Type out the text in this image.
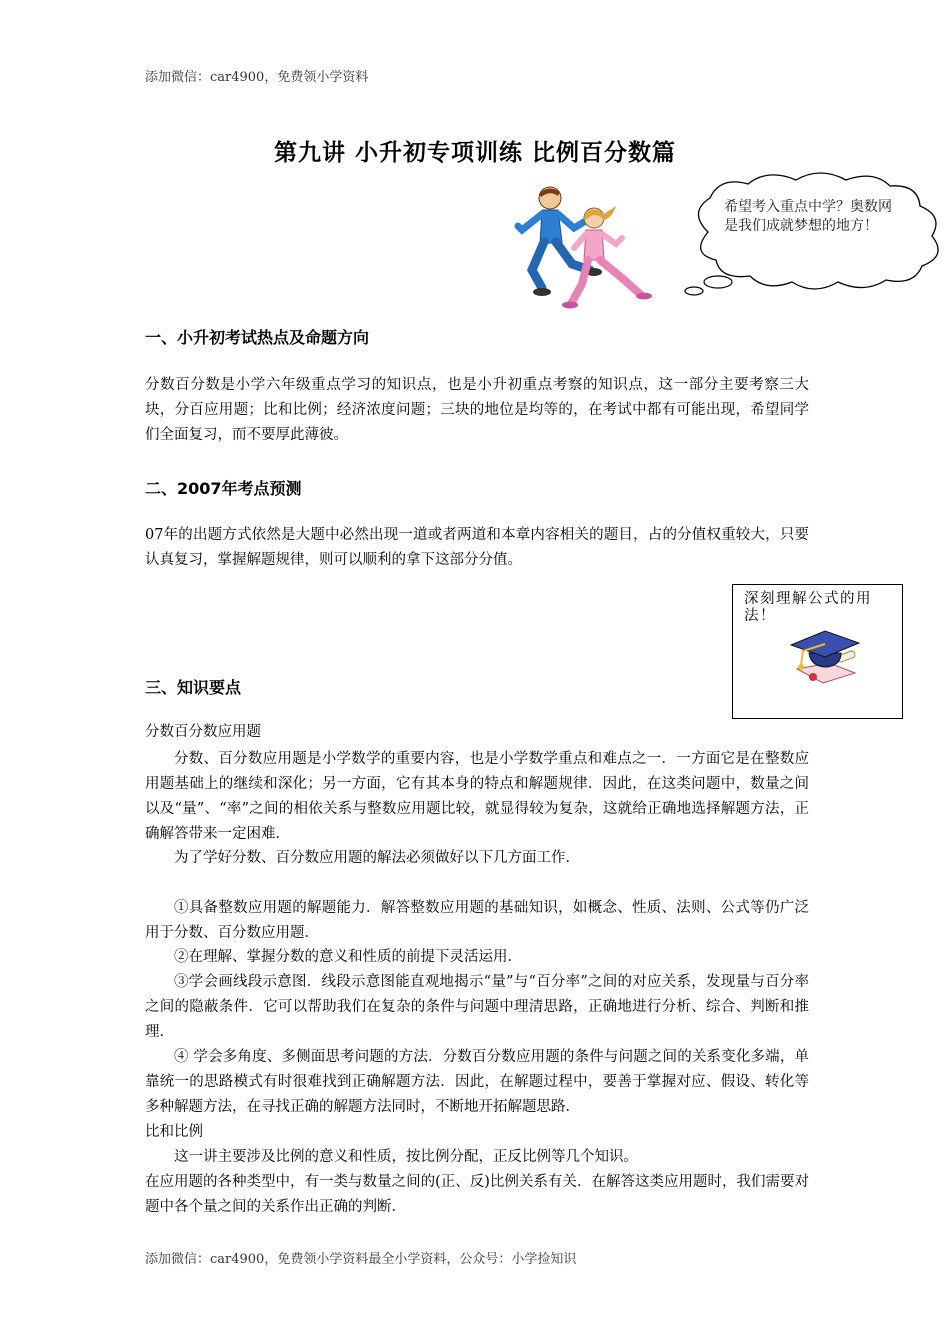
添加微信：car4900，免费领小学资料
第九讲 小升初专项训练 比例百分数篇
希望考入重点中学？奥数网是我们成就梦想的地方！
一、小升初考试热点及命题方向
分数百分数是小学六年级重点学习的知识点，也是小升初重点考察的知识点，这一部分主要考察三大块，分百应用题；比和比例；经济浓度问题；三块的地位是均等的，在考试中都有可能出现，希望同学们全面复习，而不要厚此薄彼。
二、2007年考点预测
07年的出题方式依然是大题中必然出现一道或者两道和本章内容相关的题目，占的分值权重较大，只要认真复习，掌握解题规律，则可以顺利的拿下这部分分值。
深刻理解公式的用法！
三、知识要点
分数百分数应用题
分数、百分数应用题是小学数学的重要内容，也是小学数学重点和难点之一．一方面它是在整数应用题基础上的继续和深化；另一方面，它有其本身的特点和解题规律．因此，在这类问题中，数量之间以及“量”、“率”之间的相依关系与整数应用题比较，就显得较为复杂，这就给正确地选择解题方法，正确解答带来一定困难．
为了学好分数、百分数应用题的解法必须做好以下几方面工作．
①具备整数应用题的解题能力．解答整数应用题的基础知识，如概念、性质、法则、公式等仍广泛用于分数、百分数应用题．
②在理解、掌握分数的意义和性质的前提下灵活运用．
③学会画线段示意图．线段示意图能直观地揭示“量”与“百分率”之间的对应关系，发现量与百分率之间的隐蔽条件．它可以帮助我们在复杂的条件与问题中理清思路，正确地进行分析、综合、判断和推理．
④ 学会多角度、多侧面思考问题的方法．分数百分数应用题的条件与问题之间的关系变化多端，单靠统一的思路模式有时很难找到正确解题方法．因此，在解题过程中，要善于掌握对应、假设、转化等多种解题方法，在寻找正确的解题方法同时，不断地开拓解题思路．
比和比例
这一讲主要涉及比例的意义和性质，按比例分配，正反比例等几个知识。
在应用题的各种类型中，有一类与数量之间的(正、反)比例关系有关．在解答这类应用题时，我们需要对题中各个量之间的关系作出正确的判断．
添加微信：car4900，免费领小学资料最全小学资料，公众号：小学捡知识
